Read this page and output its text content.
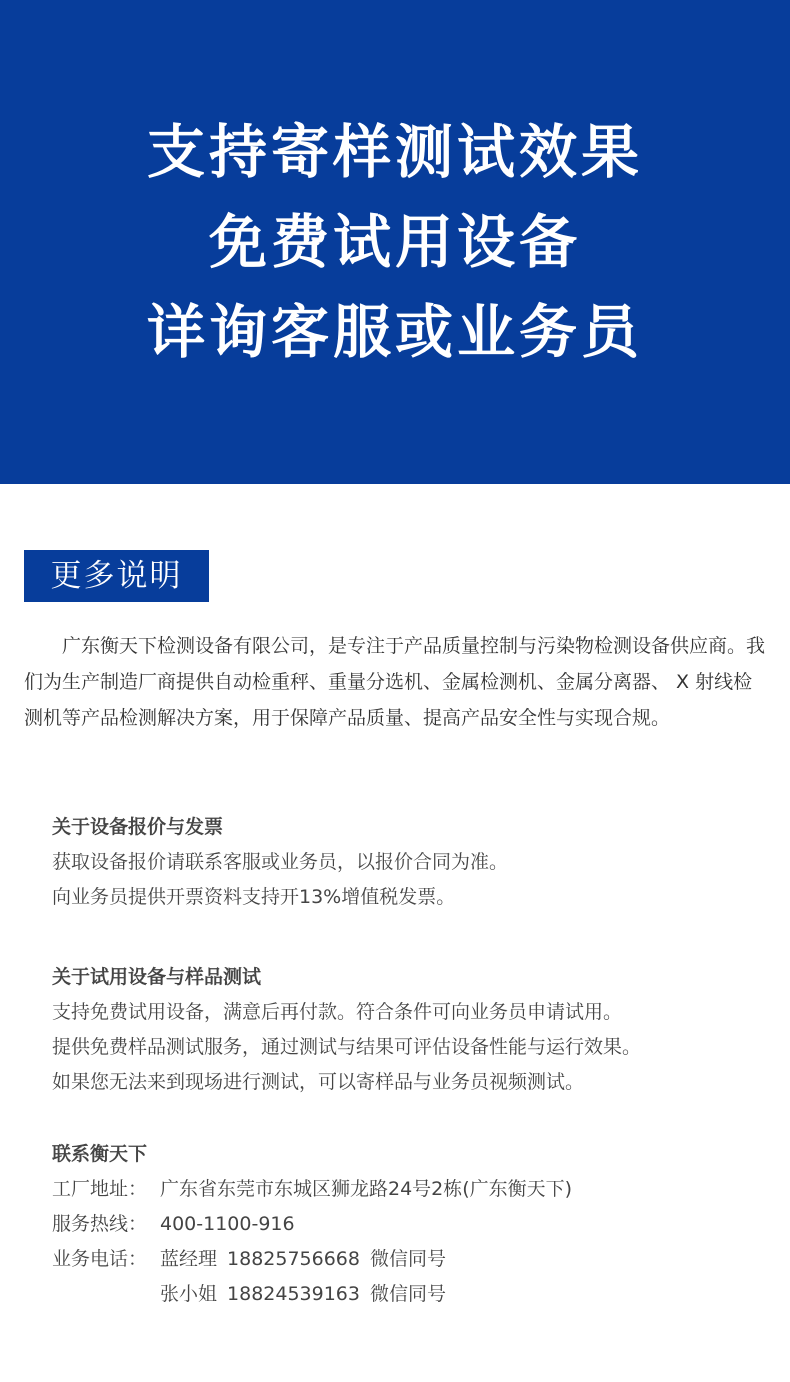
支持寄样测试效果
免费试用设备
详询客服或业务员
更多说明
广东衡天下检测设备有限公司，是专注于产品质量控制与污染物检测设备供应商。我们为生产制造厂商提供自动检重秤、重量分选机、金属检测机、金属分离器、 X 射线检测机等产品检测解决方案，用于保障产品质量、提高产品安全性与实现合规。
关于设备报价与发票
获取设备报价请联系客服或业务员，以报价合同为准。
向业务员提供开票资料支持开13%增值税发票。
关于试用设备与样品测试
支持免费试用设备，满意后再付款。符合条件可向业务员申请试用。
提供免费样品测试服务，通过测试与结果可评估设备性能与运行效果。
如果您无法来到现场进行测试，可以寄样品与业务员视频测试。
联系衡天下
工厂地址： 广东省东莞市东城区狮龙路24号2栋(广东衡天下)
服务热线： 400-1100-916
业务电话： 蓝经理 18825756668 微信同号
张小姐 18824539163 微信同号
